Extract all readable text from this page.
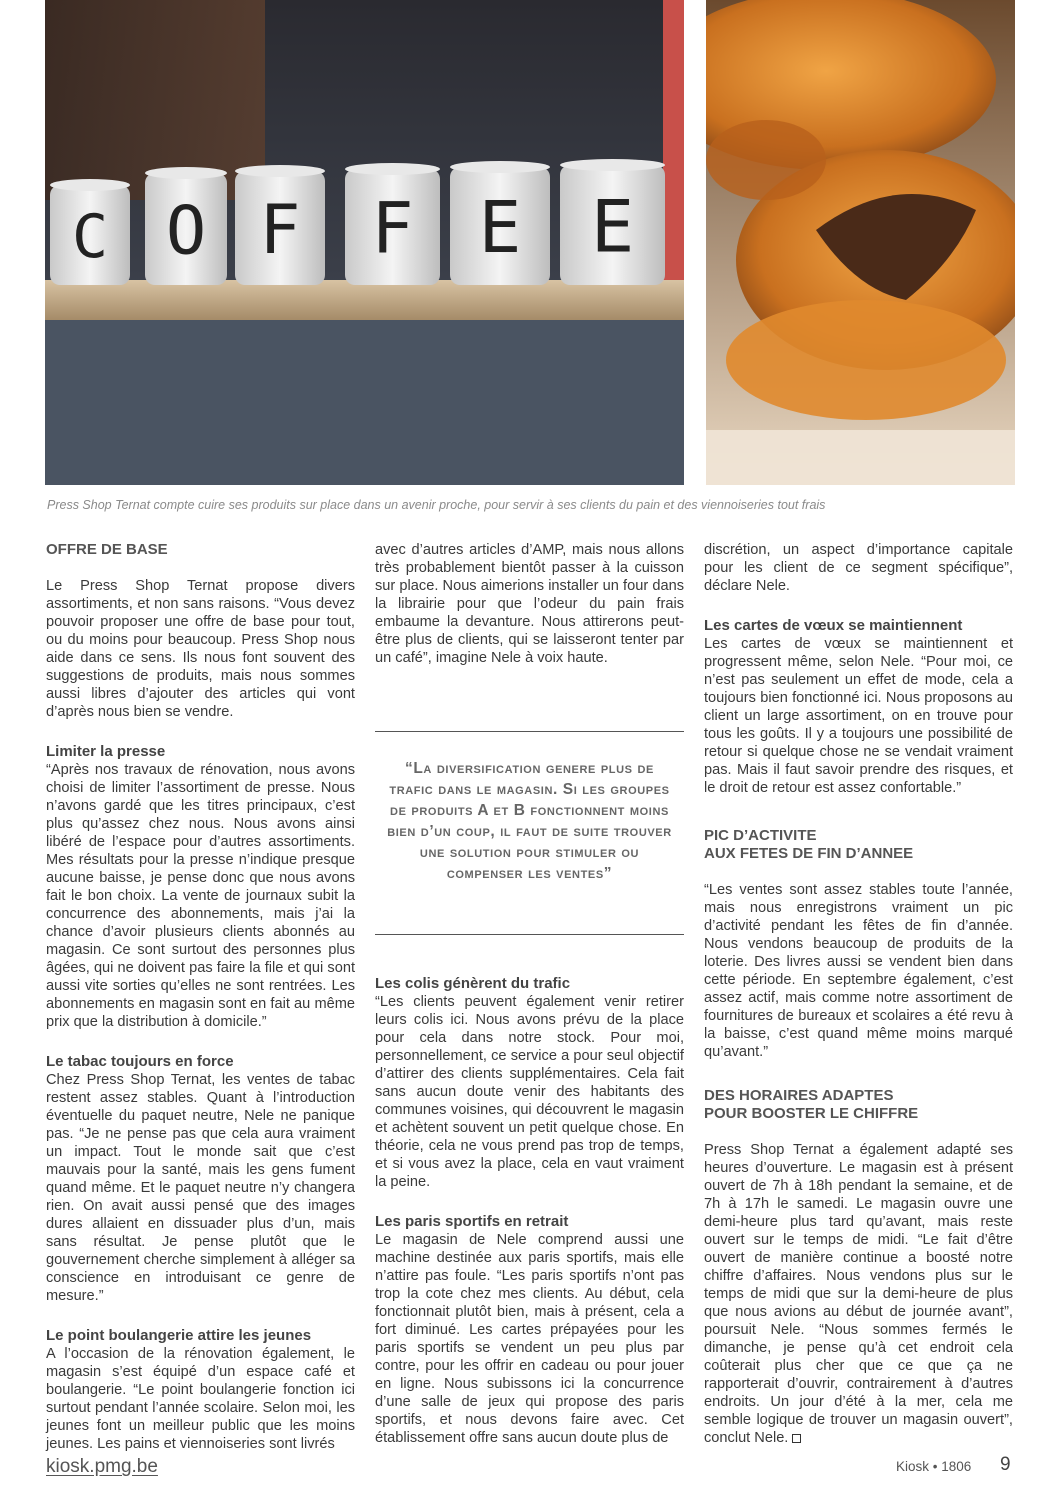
C O F F E E
Press Shop Ternat compte cuire ses produits sur place dans un avenir proche, pour servir à ses clients du pain et des viennoiseries tout frais
OFFRE DE BASE

Le Press Shop Ternat propose divers assortiments, et non sans raisons. “Vous devez pouvoir proposer une offre de base pour tout, ou du moins pour beaucoup. Press Shop nous aide dans ce sens. Ils nous font souvent des suggestions de produits, mais nous sommes aussi libres d’ajouter des articles qui vont d’après nous bien se vendre.

Limiter la presse

“Après nos travaux de rénovation, nous avons choisi de limiter l’assortiment de presse. Nous n’avons gardé que les titres principaux, c’est plus qu’assez chez nous. Nous avons ainsi libéré de l’espace pour d’autres assortiments. Mes résultats pour la presse n’indique presque aucune baisse, je pense donc que nous avons fait le bon choix. La vente de journaux subit la concurrence des abonnements, mais j’ai la chance d’avoir plusieurs clients abonnés au magasin. Ce sont surtout des personnes plus âgées, qui ne doivent pas faire la file et qui sont aussi vite sorties qu’elles ne sont rentrées. Les abonnements en magasin sont en fait au même prix que la distribution à domicile.”

Le tabac toujours en force

Chez Press Shop Ternat, les ventes de tabac restent assez stables. Quant à l’introduction éventuelle du paquet neutre, Nele ne panique pas. “Je ne pense pas que cela aura vraiment un impact. Tout le monde sait que c’est mauvais pour la santé, mais les gens fument quand même. Et le paquet neutre n’y changera rien. On avait aussi pensé que des images dures allaient en dissuader plus d’un, mais sans résultat. Je pense plutôt que le gouvernement cherche simplement à alléger sa conscience en introduisant ce genre de mesure.”

Le point boulangerie attire les jeunes

A l’occasion de la rénovation également, le magasin s’est équipé d’un espace café et boulangerie. “Le point boulangerie fonction ici surtout pendant l’année scolaire. Selon moi, les jeunes font un meilleur public que les moins jeunes. Les pains et viennoiseries sont livrés

avec d’autres articles d’AMP, mais nous allons très probablement bientôt passer à la cuisson sur place. Nous aimerions installer un four dans la librairie pour que l’odeur du pain frais embaume la devanture. Nous attirerons peut-être plus de clients, qui se laisseront tenter par un café”, imagine Nele à voix haute.

“La diversification genere plus de trafic dans le magasin. Si les groupes de produits A et B fonctionnent moins bien d’un coup, il faut de suite trouver une solution pour stimuler ou compenser les ventes”
Les colis génèrent du trafic

“Les clients peuvent également venir retirer leurs colis ici. Nous avons prévu de la place pour cela dans notre stock. Pour moi, personnellement, ce service a pour seul objectif d’attirer des clients supplémentaires. Cela fait sans aucun doute venir des habitants des communes voisines, qui découvrent le magasin et achètent souvent un petit quelque chose. En théorie, cela ne vous prend pas trop de temps, et si vous avez la place, cela en vaut vraiment la peine.

Les paris sportifs en retrait

Le magasin de Nele comprend aussi une machine destinée aux paris sportifs, mais elle n’attire pas foule. “Les paris sportifs n’ont pas trop la cote chez mes clients. Au début, cela fonctionnait plutôt bien, mais à présent, cela a fort diminué. Les cartes prépayées pour les paris sportifs se vendent un peu plus par contre, pour les offrir en cadeau ou pour jouer en ligne. Nous subissons ici la concurrence d’une salle de jeux qui propose des paris sportifs, et nous devons faire avec. Cet établissement offre sans aucun doute plus de

discrétion, un aspect d’importance capitale pour les client de ce segment spécifique”, déclare Nele.

Les cartes de vœux se maintiennent

Les cartes de vœux se maintiennent et progressent même, selon Nele. “Pour moi, ce n’est pas seulement un effet de mode, cela a toujours bien fonctionné ici. Nous proposons au client un large assortiment, on en trouve pour tous les goûts. Il y a toujours une possibilité de retour si quelque chose ne se vendait vraiment pas. Mais il faut savoir prendre des risques, et le droit de retour est assez confortable.”

PIC D’ACTIVITE
AUX FETES DE FIN D’ANNEE

“Les ventes sont assez stables toute l’année, mais nous enregistrons vraiment un pic d’activité pendant les fêtes de fin d’année. Nous vendons beaucoup de produits de la loterie. Des livres aussi se vendent bien dans cette période. En septembre également, c’est assez actif, mais comme notre assortiment de fournitures de bureaux et scolaires a été revu à la baisse, c’est quand même moins marqué qu’avant.”

DES HORAIRES ADAPTES
POUR BOOSTER LE CHIFFRE

Press Shop Ternat a également adapté ses heures d’ouverture. Le magasin est à présent ouvert de 7h à 18h pendant la semaine, et de 7h à 17h le samedi. Le magasin ouvre une demi-heure plus tard qu’avant, mais reste ouvert sur le temps de midi. “Le fait d’être ouvert de manière continue a boosté notre chiffre d’affaires. Nous vendons plus sur le temps de midi que sur la demi-heure de plus que nous avions au début de journée avant”, poursuit Nele. “Nous sommes fermés le dimanche, je pense qu’à cet endroit cela coûterait plus cher que ce que ça ne rapporterait d’ouvrir, contrairement à d’autres endroits. Un jour d’été à la mer, cela me semble logique de trouver un magasin ouvert”, conclut Nele.

kiosk.pmg.be	Kiosk • 1806 9
